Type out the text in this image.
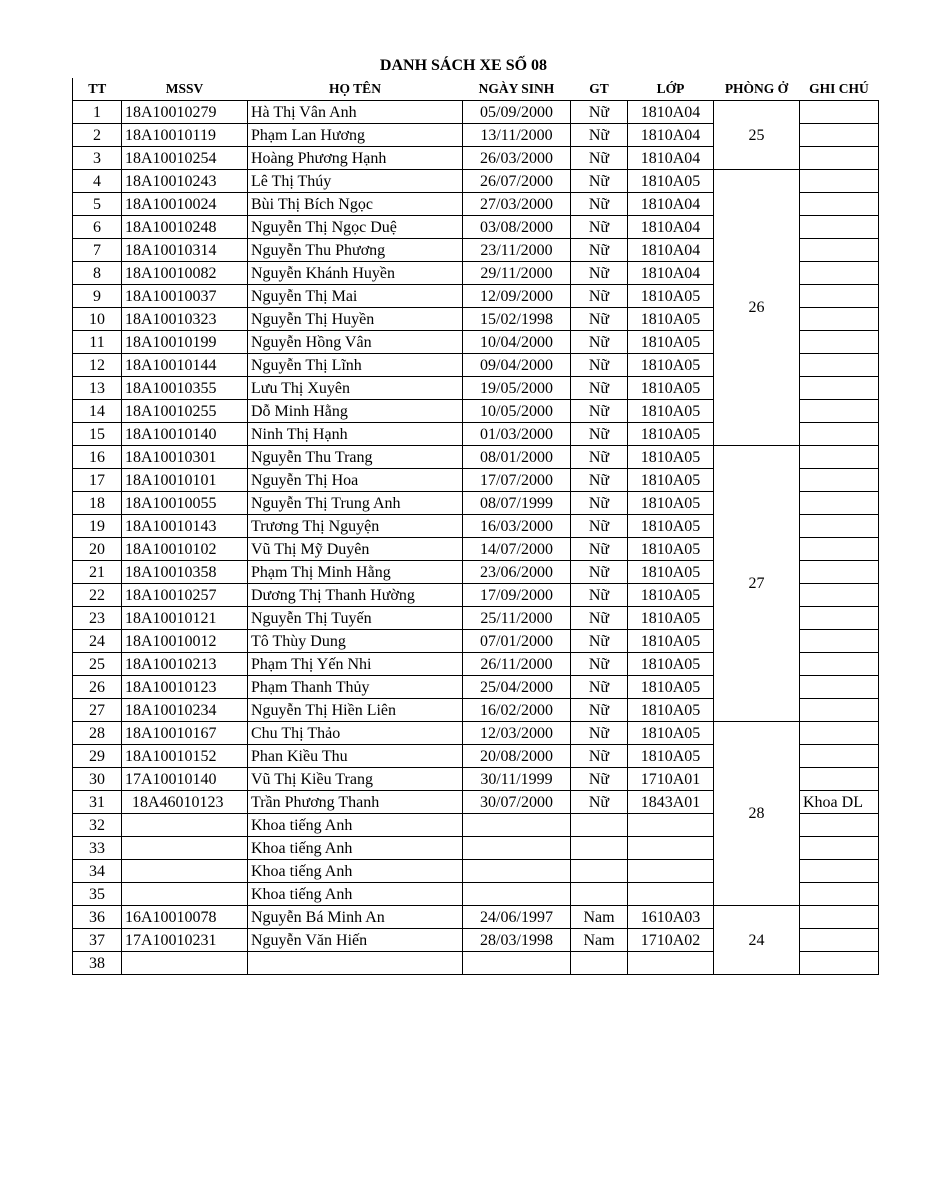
DANH SÁCH XE SỐ 08
TT	MSSV	HỌ TÊN	NGÀY SINH	GT	LỚP	PHÒNG Ở	GHI CHÚ
1	18A10010279	Hà Thị Vân Anh	05/09/2000	Nữ	1810A04	25	
2	18A10010119	Phạm Lan Hương	13/11/2000	Nữ	1810A04		
3	18A10010254	Hoàng Phương Hạnh	26/03/2000	Nữ	1810A04		
4	18A10010243	Lê Thị Thúy	26/07/2000	Nữ	1810A05	26	
5	18A10010024	Bùi Thị Bích Ngọc	27/03/2000	Nữ	1810A04		
6	18A10010248	Nguyễn Thị Ngọc Duệ	03/08/2000	Nữ	1810A04		
7	18A10010314	Nguyễn Thu Phương	23/11/2000	Nữ	1810A04		
8	18A10010082	Nguyễn Khánh Huyền	29/11/2000	Nữ	1810A04		
9	18A10010037	Nguyễn Thị Mai	12/09/2000	Nữ	1810A05		
10	18A10010323	Nguyễn Thị Huyền	15/02/1998	Nữ	1810A05		
11	18A10010199	Nguyễn Hồng Vân	10/04/2000	Nữ	1810A05		
12	18A10010144	Nguyễn Thị Lĩnh	09/04/2000	Nữ	1810A05		
13	18A10010355	Lưu Thị Xuyên	19/05/2000	Nữ	1810A05		
14	18A10010255	Dỗ Minh Hằng	10/05/2000	Nữ	1810A05		
15	18A10010140	Ninh Thị Hạnh	01/03/2000	Nữ	1810A05		
16	18A10010301	Nguyễn Thu Trang	08/01/2000	Nữ	1810A05	27	
17	18A10010101	Nguyễn Thị Hoa	17/07/2000	Nữ	1810A05		
18	18A10010055	Nguyễn Thị Trung Anh	08/07/1999	Nữ	1810A05		
19	18A10010143	Trương Thị Nguyện	16/03/2000	Nữ	1810A05		
20	18A10010102	Vũ Thị Mỹ Duyên	14/07/2000	Nữ	1810A05		
21	18A10010358	Phạm Thị Minh Hằng	23/06/2000	Nữ	1810A05		
22	18A10010257	Dương Thị Thanh Hường	17/09/2000	Nữ	1810A05		
23	18A10010121	Nguyễn Thị Tuyến	25/11/2000	Nữ	1810A05		
24	18A10010012	Tô Thùy Dung	07/01/2000	Nữ	1810A05		
25	18A10010213	Phạm Thị Yến Nhi	26/11/2000	Nữ	1810A05		
26	18A10010123	Phạm Thanh Thủy	25/04/2000	Nữ	1810A05		
27	18A10010234	Nguyễn Thị Hiền Liên	16/02/2000	Nữ	1810A05		
28	18A10010167	Chu Thị Thảo	12/03/2000	Nữ	1810A05	28	
29	18A10010152	Phan Kiều Thu	20/08/2000	Nữ	1810A05		
30	17A10010140	Vũ Thị Kiều Trang	30/11/1999	Nữ	1710A01		
31	18A46010123	Trần Phương Thanh	30/07/2000	Nữ	1843A01		Khoa DL
32		Khoa tiếng Anh					
33		Khoa tiếng Anh					
34		Khoa tiếng Anh					
35		Khoa tiếng Anh					
36	16A10010078	Nguyễn Bá Minh An	24/06/1997	Nam	1610A03	24	
37	17A10010231	Nguyễn Văn Hiến	28/03/1998	Nam	1710A02		
38							
